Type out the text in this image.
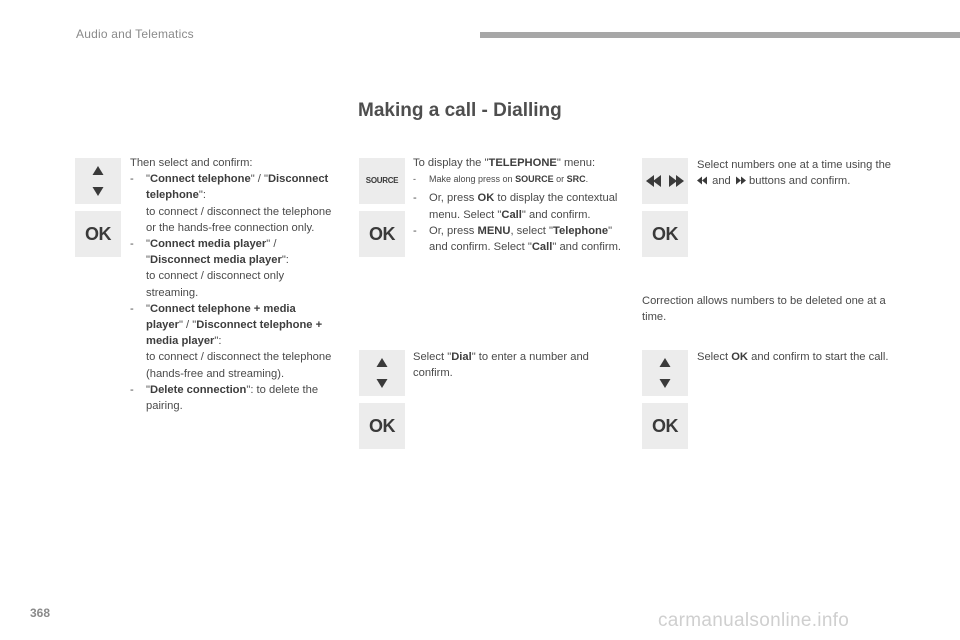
Audio and Telematics
Making a call - Dialling
OK
Then select and confirm:
- "Connect telephone" / "Disconnect telephone":
to connect / disconnect the telephone or the hands-free connection only.
- "Connect media player" / "Disconnect media player":
to connect / disconnect only streaming.
- "Connect telephone + media player" / "Disconnect telephone + media player":
to connect / disconnect the telephone (hands-free and streaming).
- "Delete connection": to delete the pairing.
SOURCE
OK
OK
To display the "TELEPHONE" menu:
- Make along press on SOURCE or SRC.
- Or, press OK to display the contextual menu. Select "Call" and confirm.
- Or, press MENU, select "Telephone" and confirm. Select "Call" and confirm.
Select "Dial" to enter a number and confirm.
OK
OK
Select numbers one at a time using the  and  buttons and confirm.
Correction allows numbers to be deleted one at a time.
Select OK and confirm to start the call.
368	carmanualsonline.info
